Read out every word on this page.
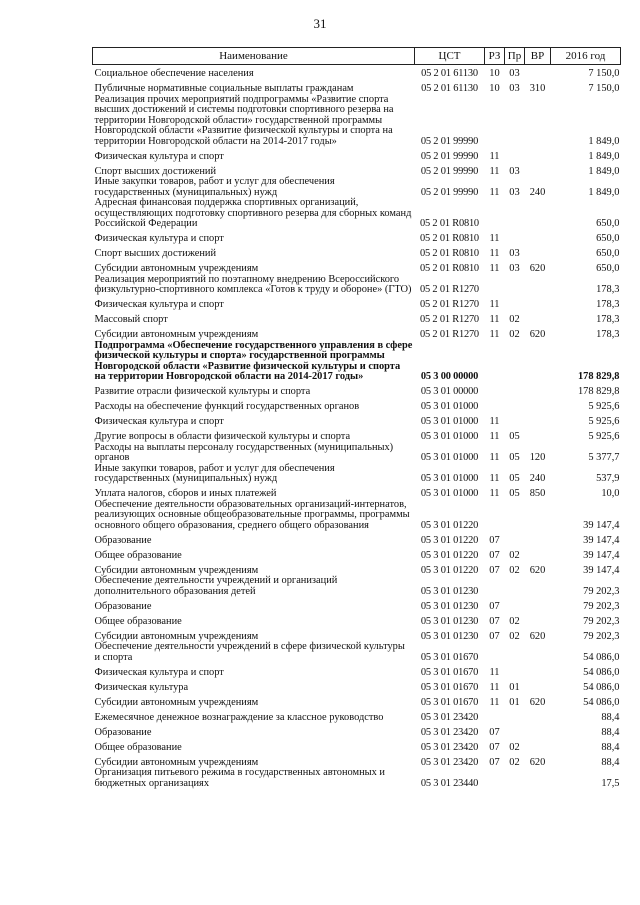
31
Наименование	ЦСТ	РЗ	Пр	ВР	2016 год
Социальное обеспечение населения	05 2 01 61130	10	03		7 150,0
Публичные нормативные социальные выплаты гражданам	05 2 01 61130	10	03	310	7 150,0
Реализация прочих мероприятий подпрограммы «Развитие спорта высших достижений и системы подготовки спортивного резерва на территории Новгородской области» государственной программы Новгородской области «Развитие физической культуры и спорта на территории Новгородской области на 2014-2017 годы»	05 2 01 99990				1 849,0
Физическая культура и спорт	05 2 01 99990	11			1 849,0
Спорт высших достижений	05 2 01 99990	11	03		1 849,0
Иные закупки товаров, работ и услуг для обеспечения государственных (муниципальных) нужд	05 2 01 99990	11	03	240	1 849,0
Адресная финансовая поддержка спортивных организаций, осуществляющих подготовку спортивного резерва для сборных команд Российской Федерации	05 2 01 R0810				650,0
Физическая культура и спорт	05 2 01 R0810	11			650,0
Спорт высших достижений	05 2 01 R0810	11	03		650,0
Субсидии автономным учреждениям	05 2 01 R0810	11	03	620	650,0
Реализация мероприятий по поэтапному внедрению Всероссийского физкультурно-спортивного комплекса «Готов к труду и обороне» (ГТО)	05 2 01 R1270				178,3
Физическая культура и спорт	05 2 01 R1270	11			178,3
Массовый спорт	05 2 01 R1270	11	02		178,3
Субсидии автономным учреждениям	05 2 01 R1270	11	02	620	178,3
Подпрограмма «Обеспечение государственного управления в сфере физической культуры и спорта» государственной программы Новгородской области «Развитие физической культуры и спорта на территории Новгородской области на 2014-2017 годы»	05 3 00 00000				178 829,8
Развитие отрасли физической культуры и спорта	05 3 01 00000				178 829,8
Расходы на обеспечение функций государственных органов	05 3 01 01000				5 925,6
Физическая культура и спорт	05 3 01 01000	11			5 925,6
Другие вопросы в области физической культуры и спорта	05 3 01 01000	11	05		5 925,6
Расходы на выплаты персоналу государственных (муниципальных) органов	05 3 01 01000	11	05	120	5 377,7
Иные закупки товаров, работ и услуг для обеспечения государственных (муниципальных) нужд	05 3 01 01000	11	05	240	537,9
Уплата налогов, сборов и иных платежей	05 3 01 01000	11	05	850	10,0
Обеспечение деятельности образовательных организаций-интернатов, реализующих основные общеобразовательные программы, программы основного общего образования, среднего общего образования	05 3 01 01220				39 147,4
Образование	05 3 01 01220	07			39 147,4
Общее образование	05 3 01 01220	07	02		39 147,4
Субсидии автономным учреждениям	05 3 01 01220	07	02	620	39 147,4
Обеспечение деятельности учреждений и организаций дополнительного образования детей	05 3 01 01230				79 202,3
Образование	05 3 01 01230	07			79 202,3
Общее образование	05 3 01 01230	07	02		79 202,3
Субсидии автономным учреждениям	05 3 01 01230	07	02	620	79 202,3
Обеспечение деятельности учреждений в сфере физической культуры и спорта	05 3 01 01670				54 086,0
Физическая культура и спорт	05 3 01 01670	11			54 086,0
Физическая культура	05 3 01 01670	11	01		54 086,0
Субсидии автономным учреждениям	05 3 01 01670	11	01	620	54 086,0
Ежемесячное денежное вознаграждение за классное руководство	05 3 01 23420				88,4
Образование	05 3 01 23420	07			88,4
Общее образование	05 3 01 23420	07	02		88,4
Субсидии автономным учреждениям	05 3 01 23420	07	02	620	88,4
Организация питьевого режима в государственных автономных и бюджетных организациях	05 3 01 23440				17,5
